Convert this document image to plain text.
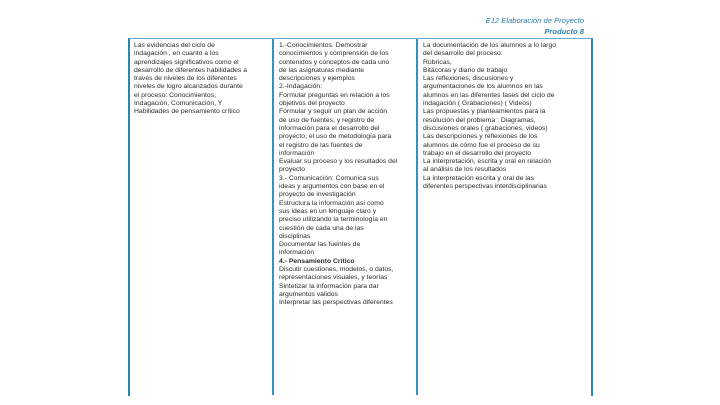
E12 Elaboración de Proyecto
Producto 8
Las evidencias del ciclo de
indagación , en cuanto a los
aprendizajes significativos como el
desarrollo de diferentes habilidades a
través de niveles de los diferentes
niveles de logro alcanzados durante
el proceso: Conocimientos,
Indagación, Comunicación, Y
Habilidades de pensamiento crítico
1.-Conocimientos. Demostrar
conocimientos y comprensión de los
contenidos y conceptos de cada uno
de las asignaturas mediante
descripciones y ejemplos
2.-Indagación:
Formular preguntas en relación a los
objetivos del proyecto
Formular y seguir un plan de acción
de uso de fuentes, y registro de
información para el desarrollo del
proyecto, el uso de metodología para
el registro de las fuentes de
información
Evaluar su proceso y los resultados del
proyecto
3.- Comunicación: Comunica sus
ideas y argumentos con base en el
proyecto de investigación
Estructura la información así como
sus ideas en un lenguaje claro y
preciso utilizando la terminología en
cuestión de cada una de las
disciplinas
Documentar las fuentes de
información
4.- Pensamiento Crítico
Discutir cuestiones, modelos, o datos,
representaciones visuales, y teorías
Sintetizar la información para dar
argumentos válidos
Interpretar las perspectivas diferentes
La documentación de los alumnos a lo largo
del desarrollo del proceso:
Rúbricas,
Bitácoras y diario de trabajo
Las reflexiones, discusiones y
argumentaciones de los alumnos en las
alumnos en las diferentes fases del ciclo de
indagación ( Grabaciones) ( Videos)
Las propuestas y planteamientos para la
resolución del problema : Diagramas,
discusiones orales ( grabaciones, videos)
Las descripciones y reflexiones de los
alumnos de cómo fue el proceso de su
trabajo en el desarrollo del proyecto
La interpretación, escrita y oral en relación
al análisis de los resultados
La interpretación escrita y oral de las
diferentes perspectivas interdisciplinarias
